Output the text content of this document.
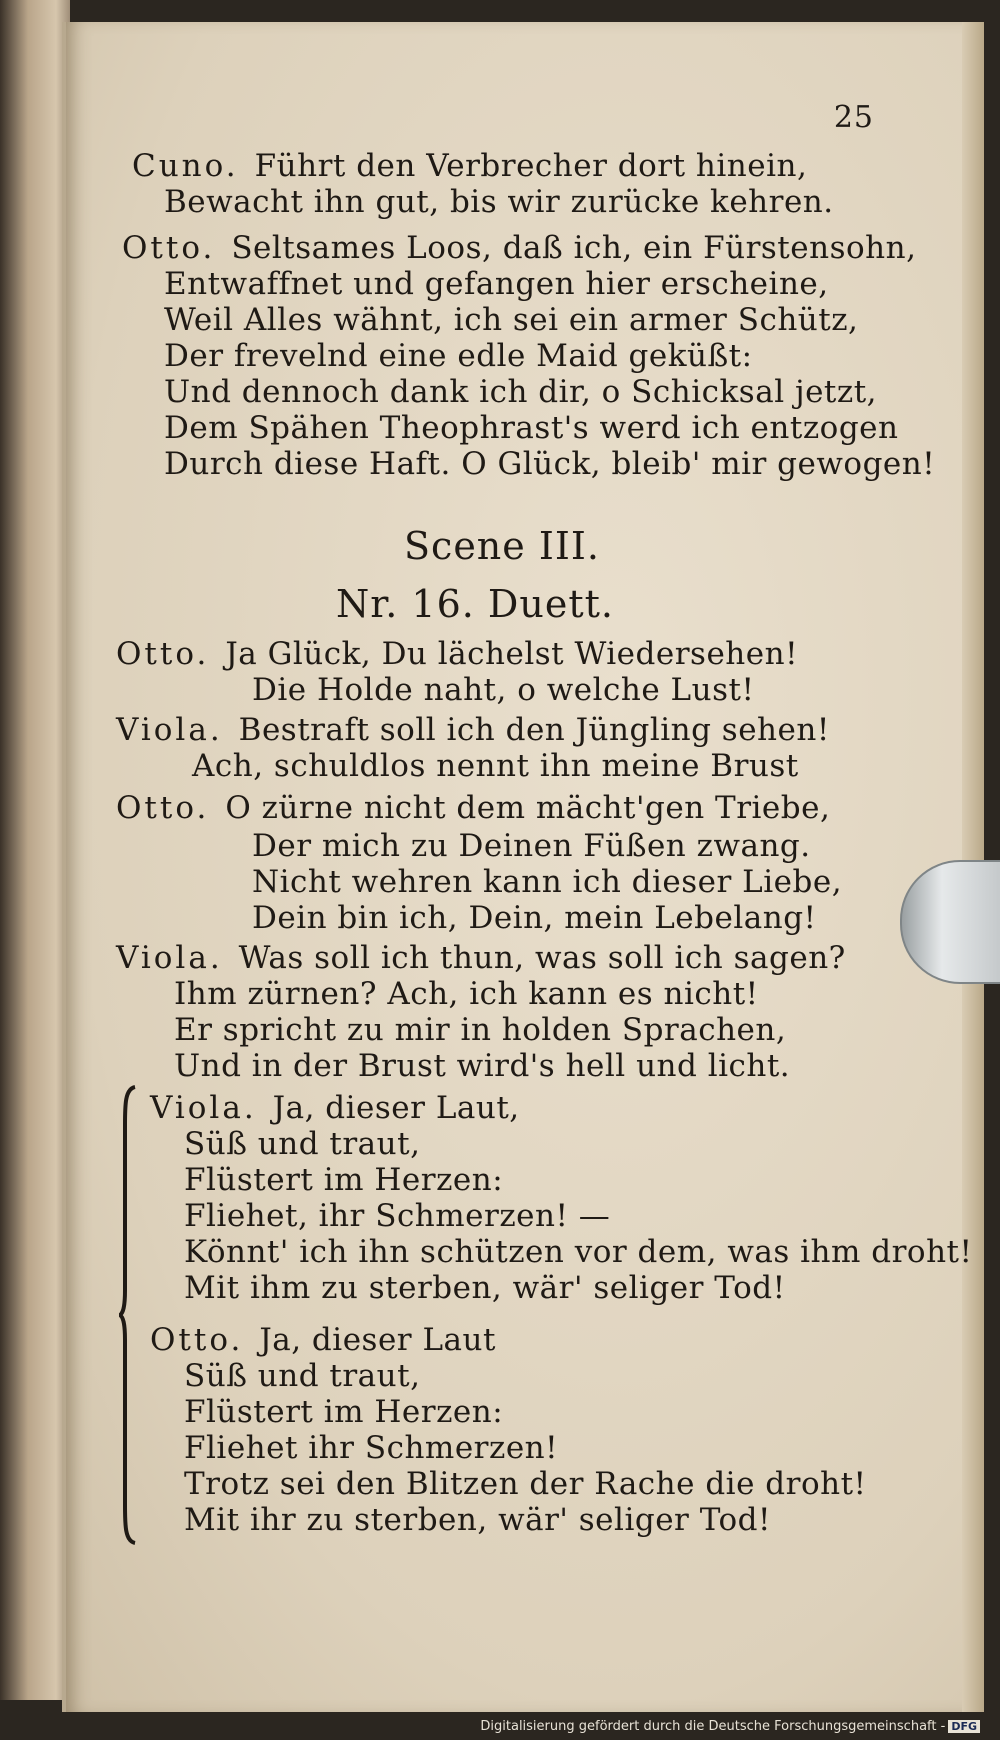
25
Cuno. Führt den Verbrecher dort hinein,
Bewacht ihn gut, bis wir zurücke kehren.
Otto. Seltsames Loos, daß ich, ein Fürstensohn,
Entwaffnet und gefangen hier erscheine,
Weil Alles wähnt, ich sei ein armer Schütz,
Der frevelnd eine edle Maid geküßt:
Und dennoch dank ich dir, o Schicksal jetzt,
Dem Spähen Theophrast's werd ich entzogen
Durch diese Haft. O Glück, bleib' mir gewogen!
Scene III.
Nr. 16. Duett.
Otto. Ja Glück, Du lächelst Wiedersehen!
Die Holde naht, o welche Lust!
Viola. Bestraft soll ich den Jüngling sehen!
Ach, schuldlos nennt ihn meine Brust
Otto. O zürne nicht dem mächt'gen Triebe,
Der mich zu Deinen Füßen zwang.
Nicht wehren kann ich dieser Liebe,
Dein bin ich, Dein, mein Lebelang!
Viola. Was soll ich thun, was soll ich sagen?
Ihm zürnen? Ach, ich kann es nicht!
Er spricht zu mir in holden Sprachen,
Und in der Brust wird's hell und licht.
Viola. Ja, dieser Laut,
Süß und traut,
Flüstert im Herzen:
Fliehet, ihr Schmerzen! —
Könnt' ich ihn schützen vor dem, was ihm droht!
Mit ihm zu sterben, wär' seliger Tod!
Otto. Ja, dieser Laut
Süß und traut,
Flüstert im Herzen:
Fliehet ihr Schmerzen!
Trotz sei den Blitzen der Rache die droht!
Mit ihr zu sterben, wär' seliger Tod!
Digitalisierung gefördert durch die Deutsche Forschungsgemeinschaft - DFG
